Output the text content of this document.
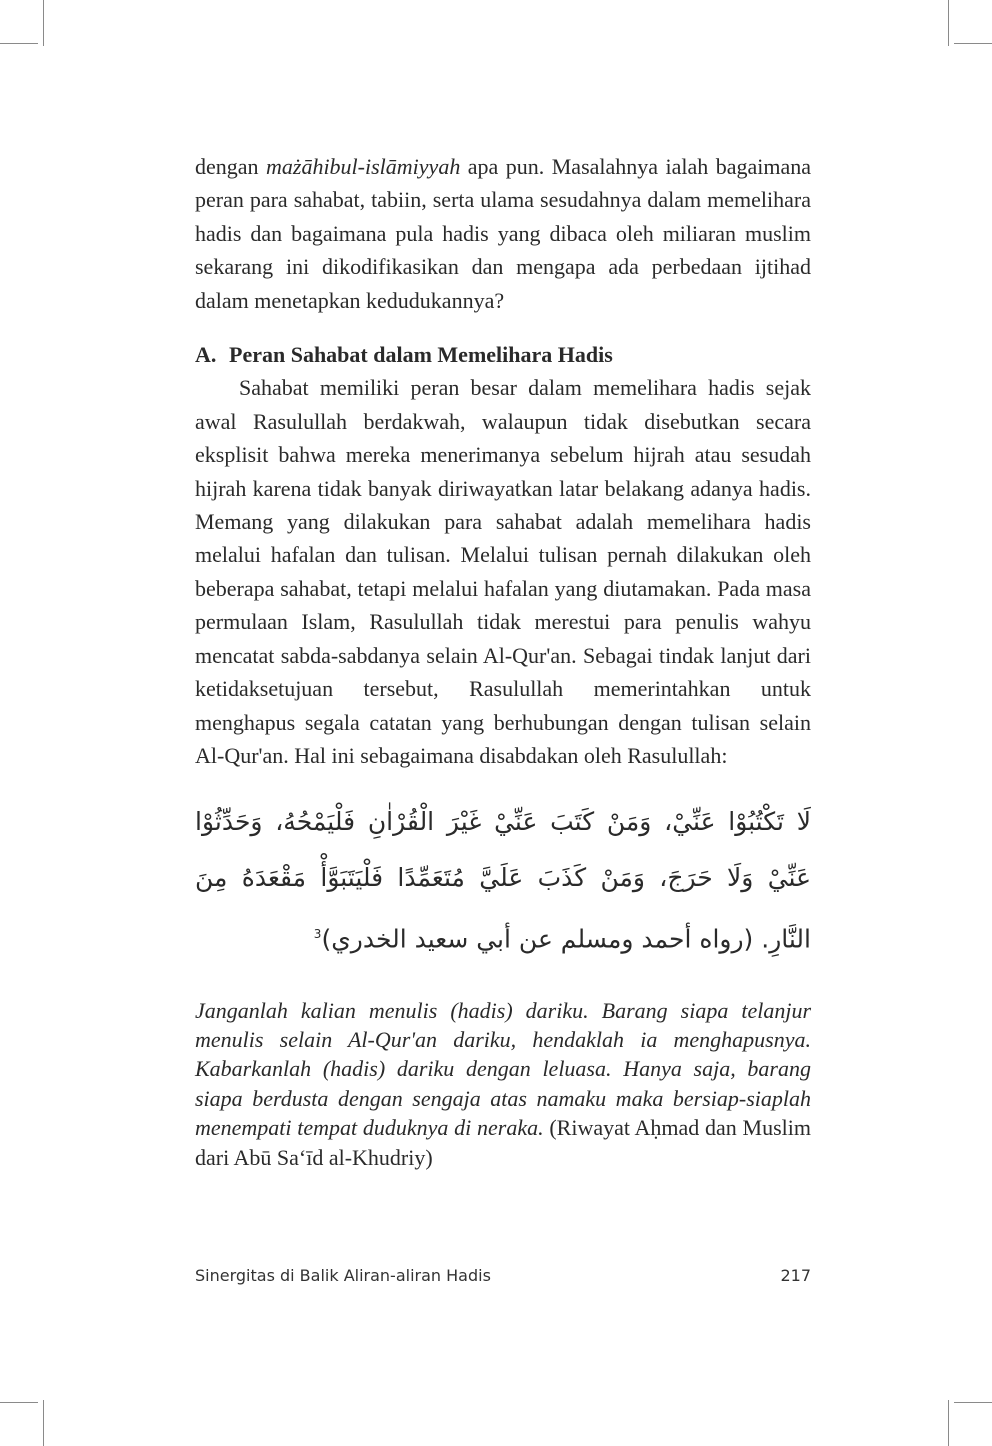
dengan mażāhibul-islāmiyyah apa pun. Masalahnya ialah bagaimana peran para sahabat, tabiin, serta ulama sesudahnya dalam memelihara hadis dan bagaimana pula hadis yang dibaca oleh miliaran muslim sekarang ini dikodifikasikan dan mengapa ada perbedaan ijtihad dalam menetapkan kedudukannya?

A. Peran Sahabat dalam Memelihara Hadis

Sahabat memiliki peran besar dalam memelihara hadis sejak awal Rasulullah berdakwah, walaupun tidak disebutkan secara eksplisit bahwa mereka menerimanya sebelum hijrah atau sesudah hijrah karena tidak banyak diriwayatkan latar belakang adanya hadis. Memang yang dilakukan para sahabat adalah memelihara hadis melalui hafalan dan tulisan. Melalui tulisan pernah dilakukan oleh beberapa sahabat, tetapi melalui hafalan yang diutamakan. Pada masa permulaan Islam, Rasulullah tidak merestui para penulis wahyu mencatat sabda-sabdanya selain Al-Qur'an. Sebagai tindak lanjut dari ketidaksetujuan tersebut, Rasulullah memerintahkan untuk menghapus segala catatan yang berhubungan dengan tulisan selain Al-Qur'an. Hal ini sebagaimana disabdakan oleh Rasulullah:

لَا تَكْتُبُوْا عَنِّيْ، وَمَنْ كَتَبَ عَنِّيْ غَيْرَ الْقُرْاٰنِ فَلْيَمْحُهُ، وَحَدِّثُوْا عَنِّيْ وَلَا حَرَجَ، وَمَنْ كَذَبَ عَلَيَّ مُتَعَمِّدًا فَلْيَتَبَوَّأْ مَقْعَدَهُ مِنَ النَّارِ. (رواه أحمد ومسلم عن أبي سعيد الخدري)$^3$

Janganlah kalian menulis (hadis) dariku. Barang siapa telanjur menulis selain Al-Qur'an dariku, hendaklah ia menghapusnya. Kabarkanlah (hadis) dariku dengan leluasa. Hanya saja, barang siapa berdusta dengan sengaja atas namaku maka bersiap-siaplah menempati tempat duduknya di neraka. (Riwayat Aḥmad dan Muslim dari Abū Sa‘īd al-Khudriy)

Sinergitas di Balik Aliran-aliran Hadis	217
